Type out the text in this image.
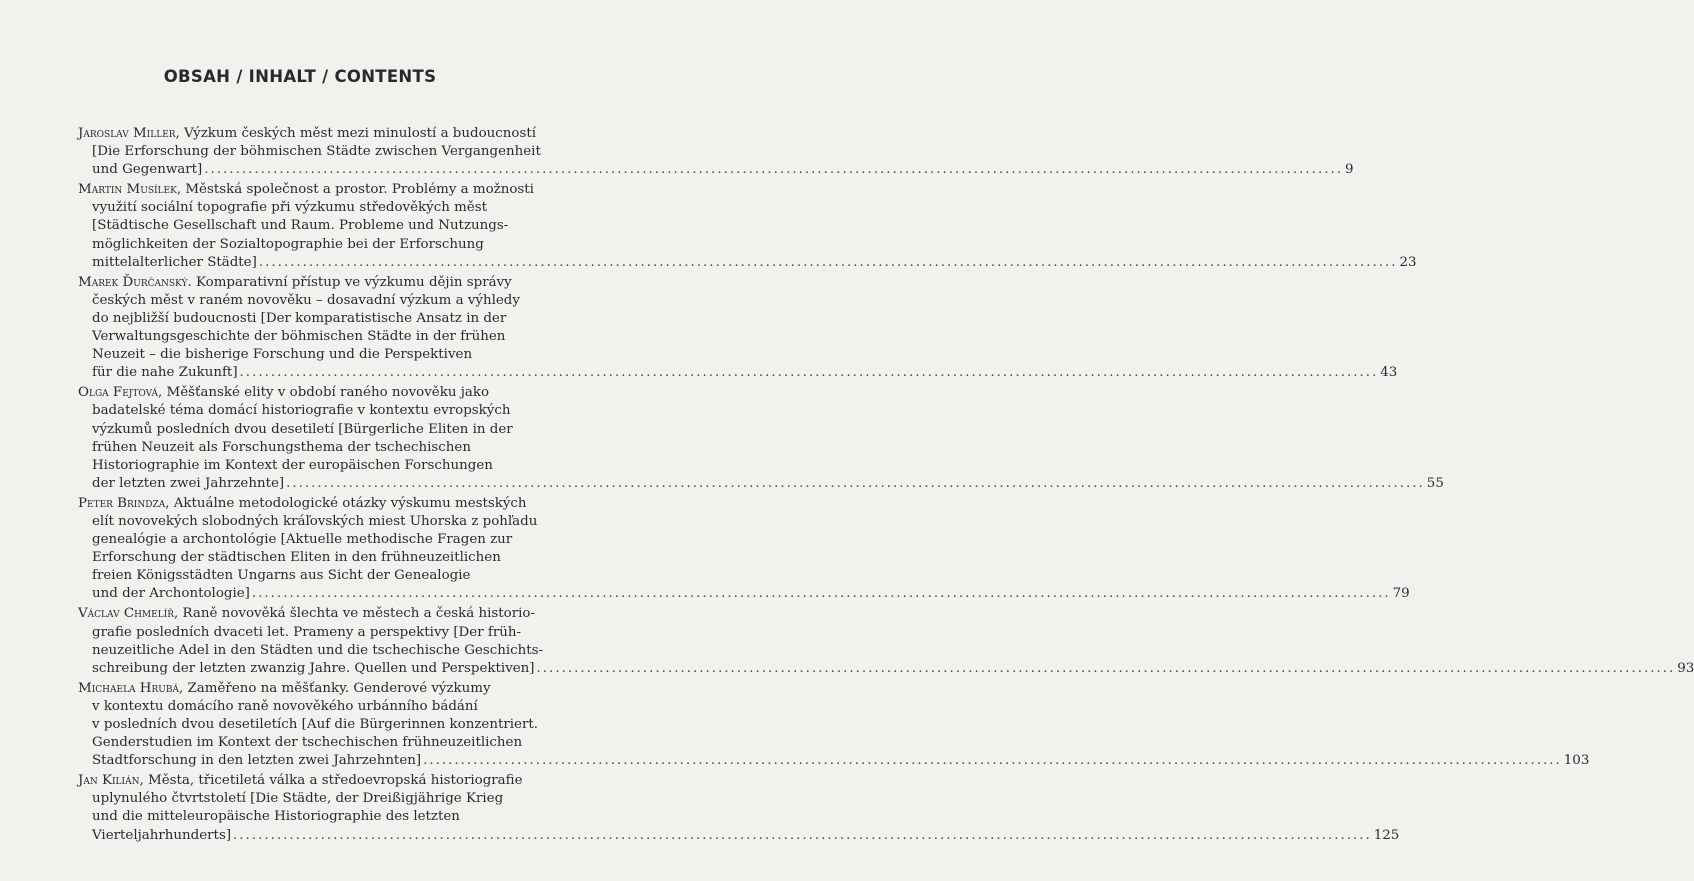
OBSAH / INHALT / CONTENTS
Jaroslav Miller, Výzkum českých měst mezi minulostí a budoucností
[Die Erforschung der böhmischen Städte zwischen Vergangenheit
und Gegenwart] .....	9
Martin Musílek, Městská společnost a prostor. Problémy a možnosti
využití sociální topografie při výzkumu středověkých měst
[Städtische Gesellschaft und Raum. Probleme und Nutzungs-
möglichkeiten der Sozialtopographie bei der Erforschung
mittelalterlicher Städte] .....	23
Marek Ďurčanský. Komparativní přístup ve výzkumu dějin správy
českých měst v raném novověku – dosavadní výzkum a výhledy
do nejbližší budoucnosti [Der komparatistische Ansatz in der
Verwaltungsgeschichte der böhmischen Städte in der frühen
Neuzeit – die bisherige Forschung und die Perspektiven
für die nahe Zukunft] .....	43
Olga Fejtová, Měšťanské elity v období raného novověku jako
badatelské téma domácí historiografie v kontextu evropských
výzkumů posledních dvou desetiletí [Bürgerliche Eliten in der
frühen Neuzeit als Forschungsthema der tschechischen
Historiographie im Kontext der europäischen Forschungen
der letzten zwei Jahrzehnte] .....	55
Peter Brindza, Aktuálne metodologické otázky výskumu mestských
elít novovekých slobodných kráľovských miest Uhorska z pohľadu
genealógie a archontológie [Aktuelle methodische Fragen zur
Erforschung der städtischen Eliten in den frühneuzeitlichen
freien Königsstädten Ungarns aus Sicht der Genealogie
und der Archontologie] .....	79
Václav Chmelíř, Raně novověká šlechta ve městech a česká historio-
grafie posledních dvaceti let. Prameny a perspektivy [Der früh-
neuzeitliche Adel in den Städten und die tschechische Geschichts-
schreibung der letzten zwanzig Jahre. Quellen und Perspektiven] .....	93
Michaela Hrubá, Zaměřeno na měšťanky. Genderové výzkumy
v kontextu domácího raně novověkého urbánního bádání
v posledních dvou desetiletích [Auf die Bürgerinnen konzentriert.
Genderstudien im Kontext der tschechischen frühneuzeitlichen
Stadtforschung in den letzten zwei Jahrzehnten] .....	103
Jan Kilián, Města, třicetiletá válka a středoevropská historiografie
uplynulého čtvrtstoletí [Die Städte, der Dreißigjährige Krieg
und die mitteleuropäische Historiographie des letzten
Vierteljahrhunderts] .....	125
